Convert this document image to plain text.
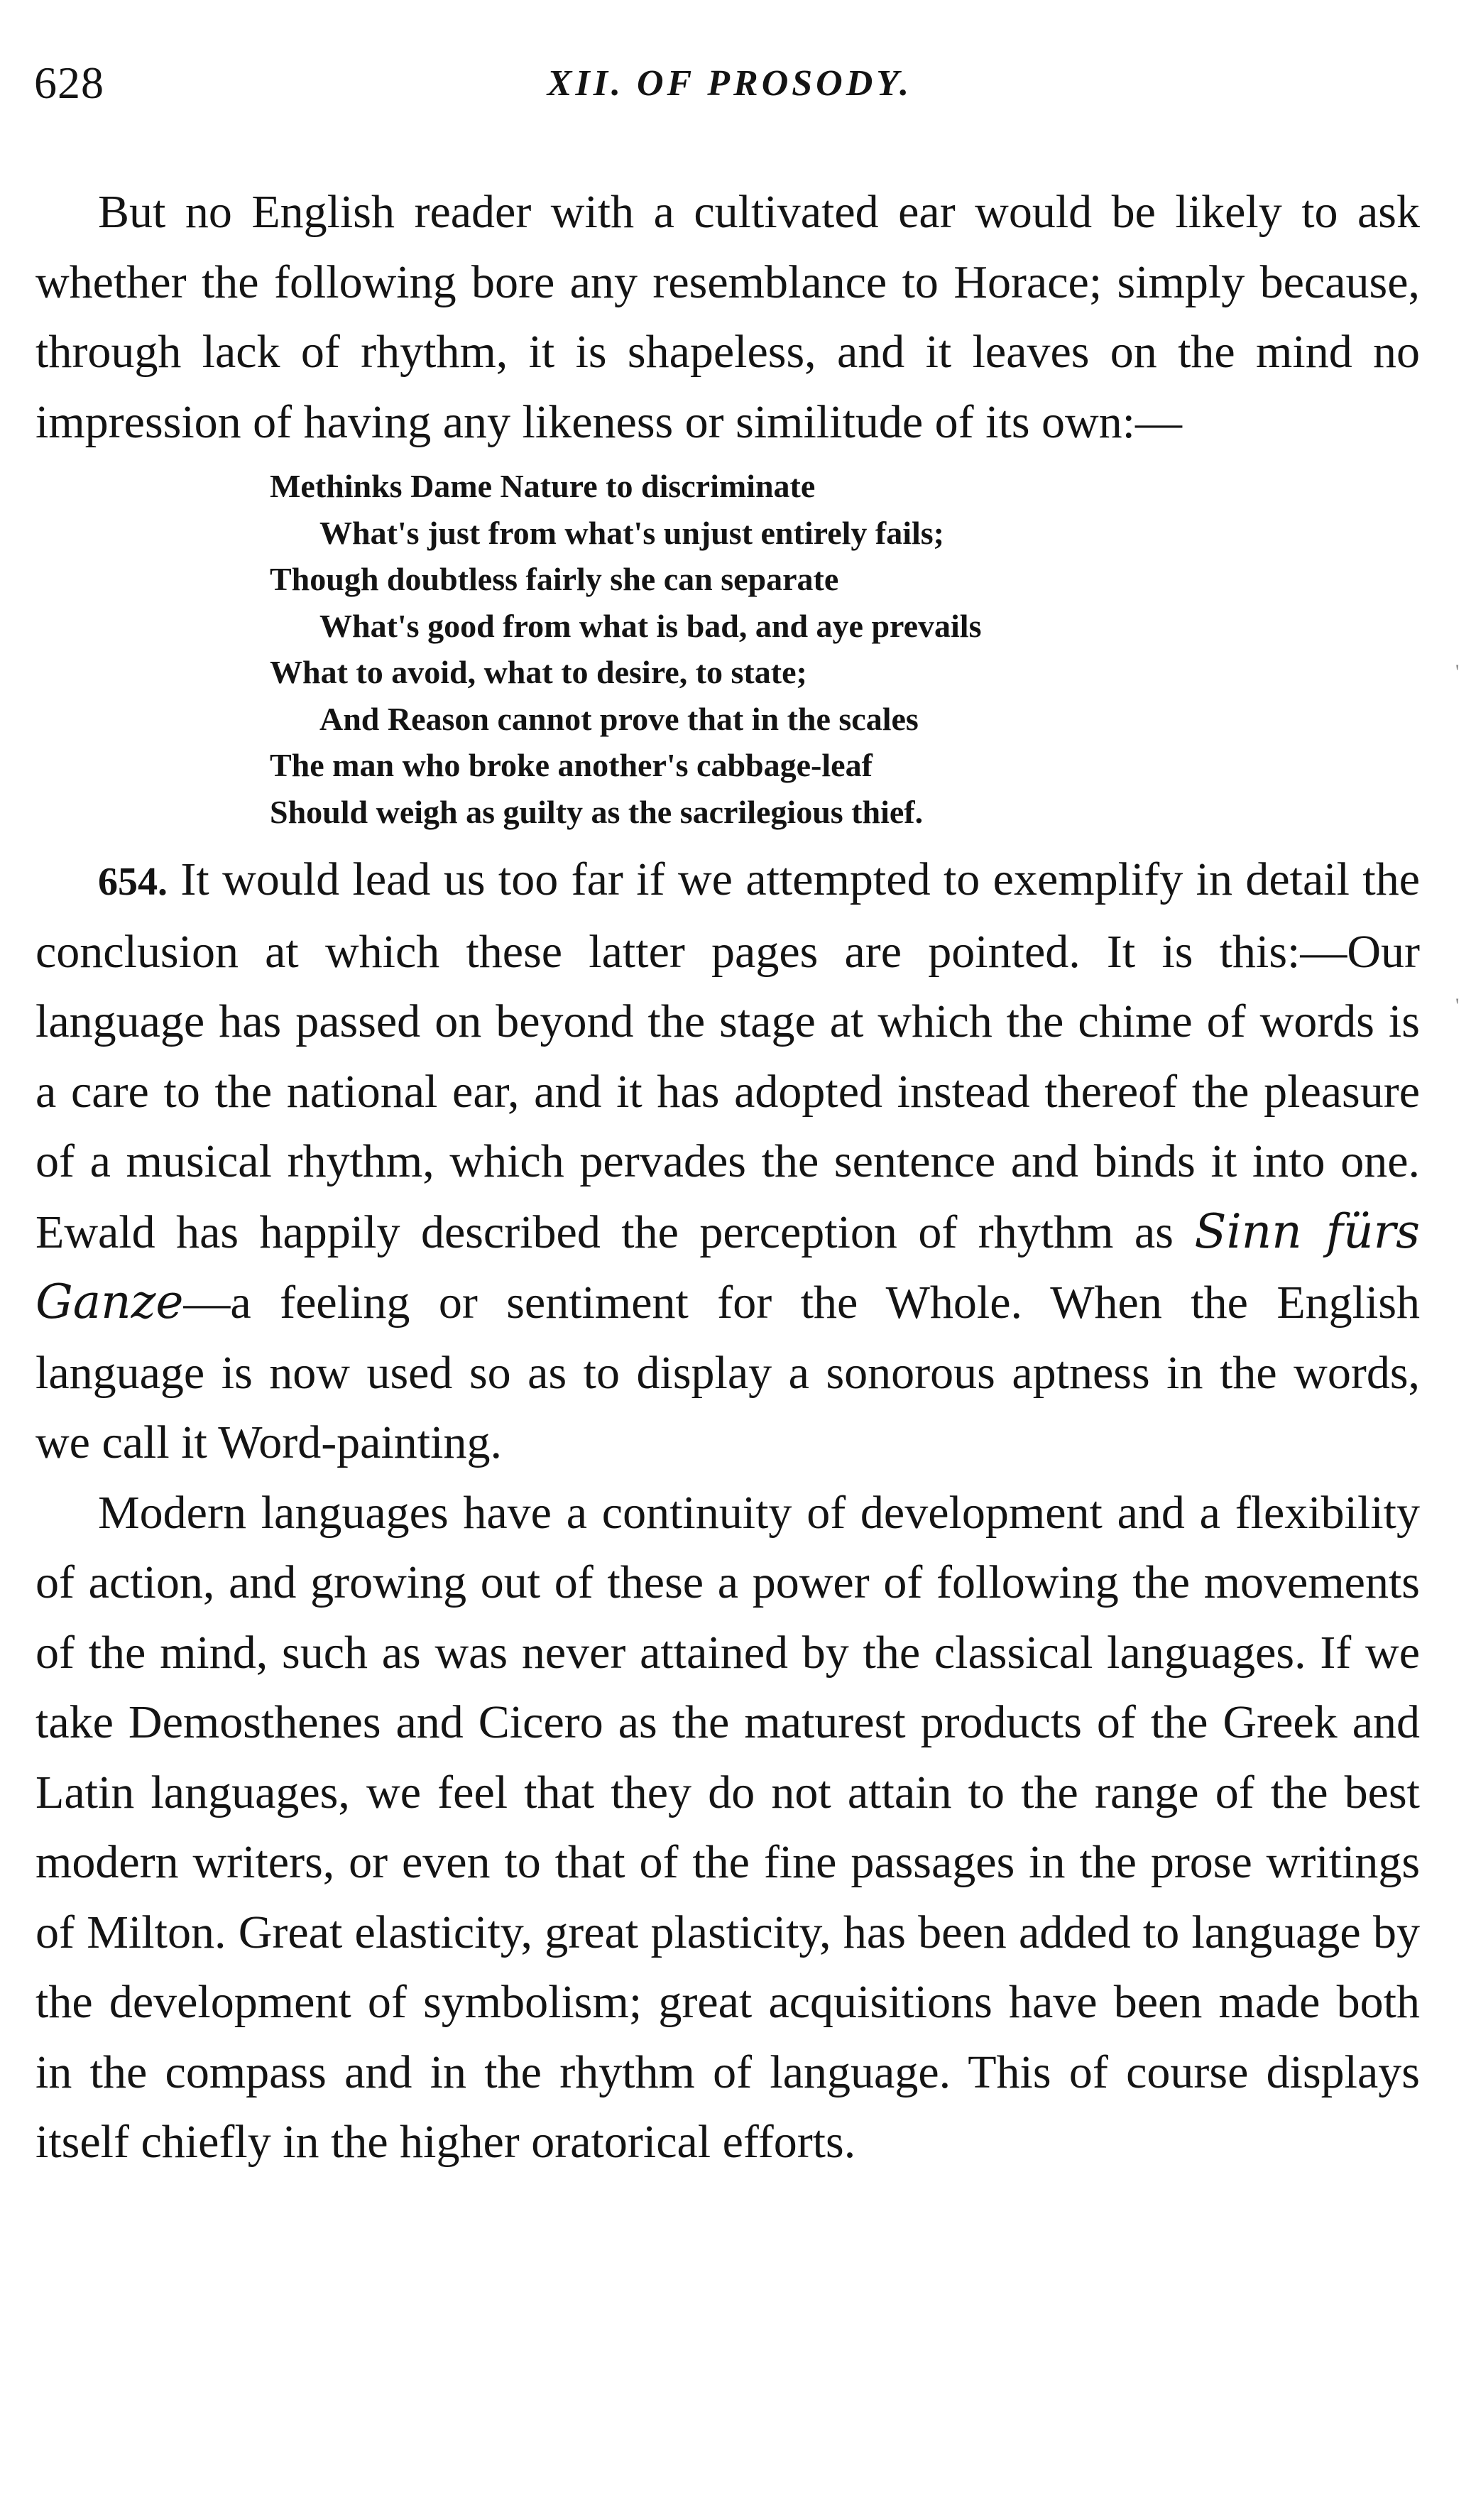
628	XII. OF PROSODY.

But no English reader with a cultivated ear would be likely to ask whether the following bore any resemblance to Horace; simply because, through lack of rhythm, it is shapeless, and it leaves on the mind no impression of having any likeness or similitude of its own:—

Methinks Dame Nature to discriminate
What's just from what's unjust entirely fails;
Though doubtless fairly she can separate
What's good from what is bad, and aye prevails
What to avoid, what to desire, to state;
And Reason cannot prove that in the scales
The man who broke another's cabbage-leaf
Should weigh as guilty as the sacrilegious thief.

654. It would lead us too far if we attempted to exemplify in detail the conclusion at which these latter pages are pointed. It is this:—Our language has passed on beyond the stage at which the chime of words is a care to the national ear, and it has adopted instead thereof the pleasure of a musical rhythm, which pervades the sentence and binds it into one. Ewald has happily described the perception of rhythm as Sinn fürs Ganze—a feeling or sentiment for the Whole. When the English language is now used so as to display a sonorous aptness in the words, we call it Word-painting.

Modern languages have a continuity of development and a flexibility of action, and growing out of these a power of following the movements of the mind, such as was never attained by the classical languages. If we take Demosthenes and Cicero as the maturest products of the Greek and Latin languages, we feel that they do not attain to the range of the best modern writers, or even to that of the fine passages in the prose writings of Milton. Great elasticity, great plasticity, has been added to language by the development of symbolism; great acquisitions have been made both in the compass and in the rhythm of language. This of course displays itself chiefly in the higher oratorical efforts.

'
'
